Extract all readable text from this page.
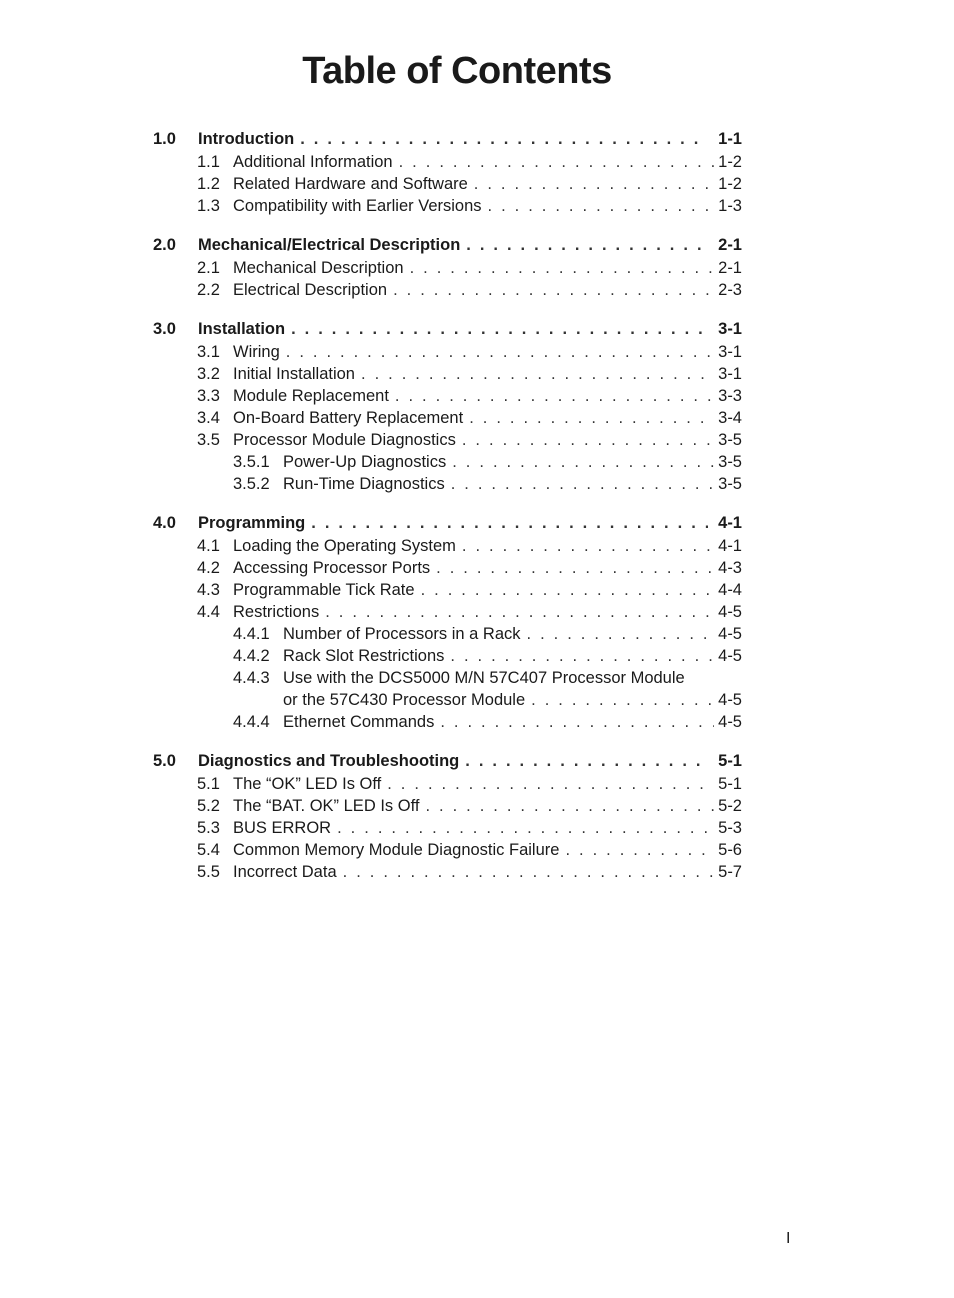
Table of Contents
1.0	Introduction . . .	1-1
1.1 Additional Information . . .	1-2
1.2 Related Hardware and Software . . .	1-2
1.3 Compatibility with Earlier Versions . . .	1-3
2.0	Mechanical/Electrical Description . . .	2-1
2.1 Mechanical Description . . .	2-1
2.2 Electrical Description . . .	2-3
3.0	Installation . . .	3-1
3.1 Wiring . . .	3-1
3.2 Initial Installation . . .	3-1
3.3 Module Replacement . . .	3-3
3.4 On-Board Battery Replacement . . .	3-4
3.5 Processor Module Diagnostics . . .	3-5
3.5.1 Power-Up Diagnostics . . .	3-5
3.5.2 Run-Time Diagnostics . . .	3-5
4.0	Programming . . .	4-1
4.1 Loading the Operating System . . .	4-1
4.2 Accessing Processor Ports . . .	4-3
4.3 Programmable Tick Rate . . .	4-4
4.4 Restrictions . . .	4-5
4.4.1 Number of Processors in a Rack . . .	4-5
4.4.2 Rack Slot Restrictions . . .	4-5
4.4.3 Use with the DCS5000 M/N 57C407 Processor Module
or the 57C430 Processor Module . . .	4-5
4.4.4 Ethernet Commands . . .	4-5
5.0	Diagnostics and Troubleshooting . . .	5-1
5.1 The “OK” LED Is Off . . .	5-1
5.2 The “BAT. OK” LED Is Off . . .	5-2
5.3 BUS ERROR . . .	5-3
5.4 Common Memory Module Diagnostic Failure . . .	5-6
5.5 Incorrect Data . . .	5-7
I
